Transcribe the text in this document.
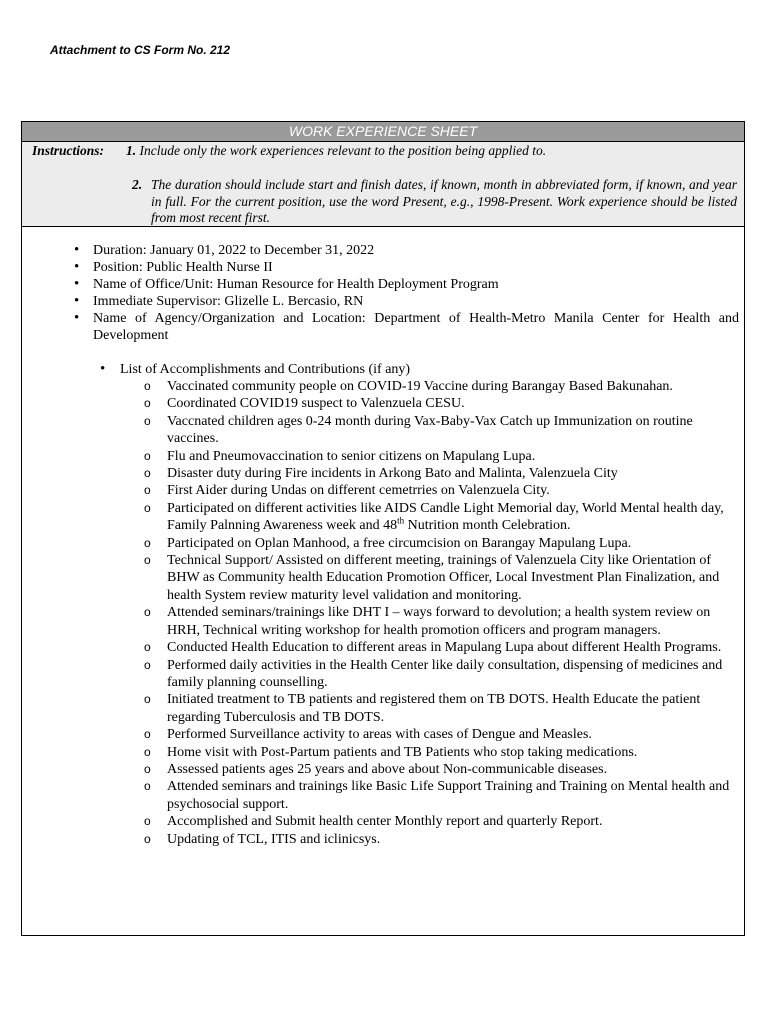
Attachment to CS Form No. 212
WORK EXPERIENCE SHEET
Instructions: 1. Include only the work experiences relevant to the position being applied to.
2. The duration should include start and finish dates, if known, month in abbreviated form, if known, and year in full. For the current position, use the word Present, e.g., 1998-Present. Work experience should be listed from most recent first.
• Duration: January 01, 2022 to December 31, 2022
• Position: Public Health Nurse II
• Name of Office/Unit: Human Resource for Health Deployment Program
• Immediate Supervisor: Glizelle L. Bercasio, RN
• Name of Agency/Organization and Location: Department of Health-Metro Manila Center for Health and Development
• List of Accomplishments and Contributions (if any)
o Vaccinated community people on COVID-19 Vaccine during Barangay Based Bakunahan.
o Coordinated COVID19 suspect to Valenzuela CESU.
o Vaccnated children ages 0-24 month during Vax-Baby-Vax Catch up Immunization on routine vaccines.
o Flu and Pneumovaccination to senior citizens on Mapulang Lupa.
o Disaster duty during Fire incidents in Arkong Bato and Malinta, Valenzuela City
o First Aider during Undas on different cemetrries on Valenzuela City.
o Participated on different activities like AIDS Candle Light Memorial day, World Mental health day, Family Palnning Awareness week and 48th Nutrition month Celebration.
o Participated on Oplan Manhood, a free circumcision on Barangay Mapulang Lupa.
o Technical Support/ Assisted on different meeting, trainings of Valenzuela City like Orientation of BHW as Community health Education Promotion Officer, Local Investment Plan Finalization, and health System review maturity level validation and monitoring.
o Attended seminars/trainings like DHT I – ways forward to devolution; a health system review on HRH, Technical writing workshop for health promotion officers and program managers.
o Conducted Health Education to different areas in Mapulang Lupa about different Health Programs.
o Performed daily activities in the Health Center like daily consultation, dispensing of medicines and family planning counselling.
o Initiated treatment to TB patients and registered them on TB DOTS. Health Educate the patient regarding Tuberculosis and TB DOTS.
o Performed Surveillance activity to areas with cases of Dengue and Measles.
o Home visit with Post-Partum patients and TB Patients who stop taking medications.
o Assessed patients ages 25 years and above about Non-communicable diseases.
o Attended seminars and trainings like Basic Life Support Training and Training on Mental health and psychosocial support.
o Accomplished and Submit health center Monthly report and quarterly Report.
o Updating of TCL, ITIS and iclinicsys.
